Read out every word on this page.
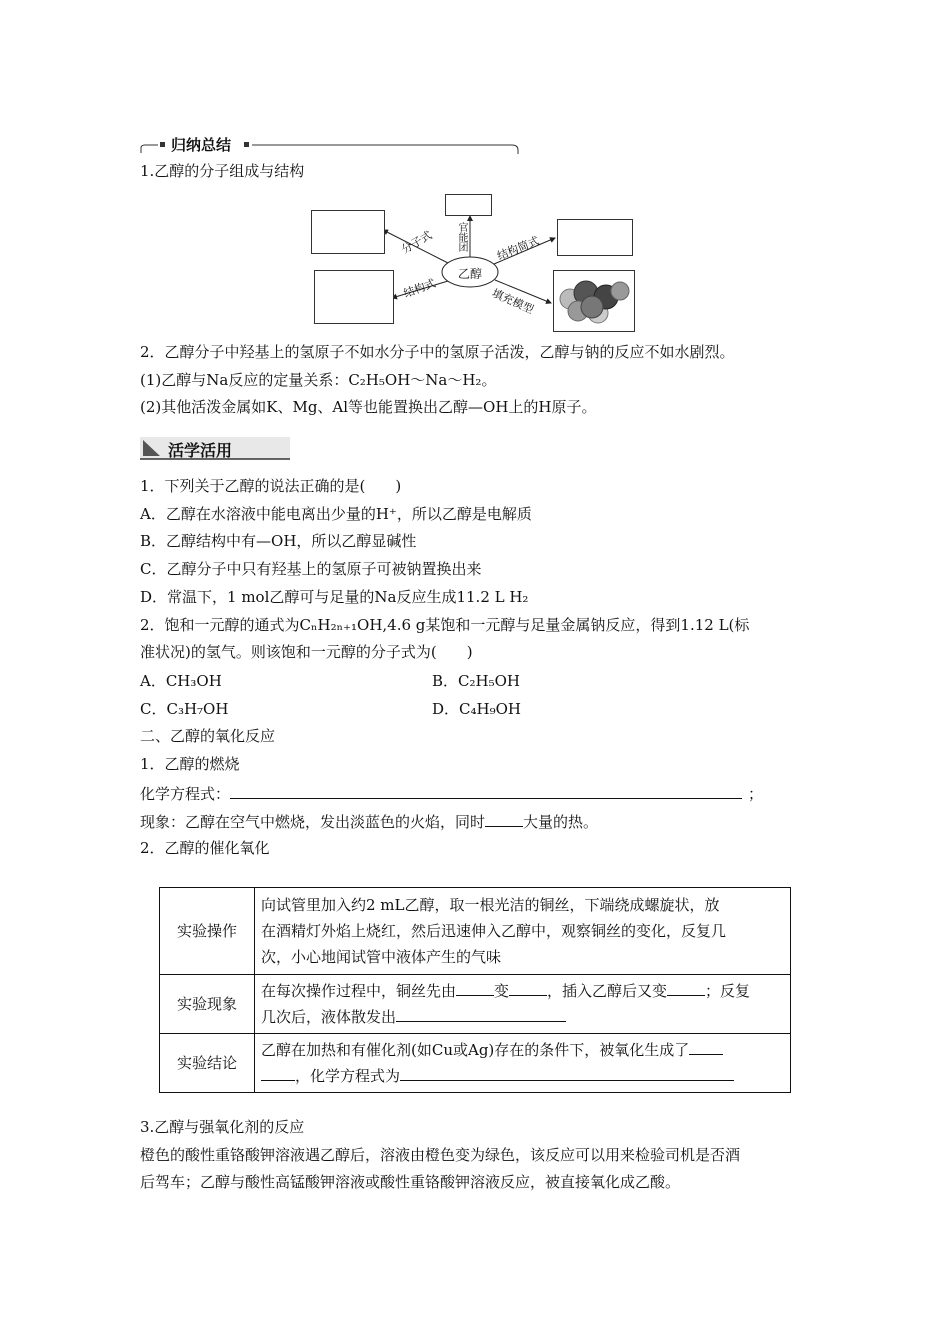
归纳总结
1.乙醇的分子组成与结构
乙醇
分子式 官能团	结构简式
结构式	填充模型
2．乙醇分子中羟基上的氢原子不如水分子中的氢原子活泼，乙醇与钠的反应不如水剧烈。
(1)乙醇与Na反应的定量关系：C₂H₅OH～Na～H₂。
(2)其他活泼金属如K、Mg、Al等也能置换出乙醇—OH上的H原子。
活学活用
1．下列关于乙醇的说法正确的是(　　)
A．乙醇在水溶液中能电离出少量的H⁺，所以乙醇是电解质
B．乙醇结构中有—OH，所以乙醇显碱性
C．乙醇分子中只有羟基上的氢原子可被钠置换出来
D．常温下，1 mol乙醇可与足量的Na反应生成11.2 L H₂
2．饱和一元醇的通式为CₙH₂ₙ₊₁OH,4.6 g某饱和一元醇与足量金属钠反应，得到1.12 L(标
准状况)的氢气。则该饱和一元醇的分子式为(　　)
A．CH₃OH	B．C₂H₅OH
C．C₃H₇OH	D．C₄H₉OH
二、乙醇的氧化反应
1．乙醇的燃烧
化学方程式：	；
现象：乙醇在空气中燃烧，发出淡蓝色的火焰，同时	大量的热。
2．乙醇的催化氧化
实验操作	向试管里加入约2 mL乙醇，取一根光洁的铜丝，下端绕成螺旋状，放
在酒精灯外焰上烧红，然后迅速伸入乙醇中，观察铜丝的变化，反复几
次，小心地闻试管中液体产生的气味

实验现象	在每次操作过程中，铜丝先由 变 ，插入乙醇后又变 ；反复
几次后，液体散发出

实验结论	乙醇在加热和有催化剂(如Cu或Ag)存在的条件下，被氧化生成了
，化学方程式为
3.乙醇与强氧化剂的反应
橙色的酸性重铬酸钾溶液遇乙醇后，溶液由橙色变为绿色，该反应可以用来检验司机是否酒
后驾车；乙醇与酸性高锰酸钾溶液或酸性重铬酸钾溶液反应，被直接氧化成乙酸。
